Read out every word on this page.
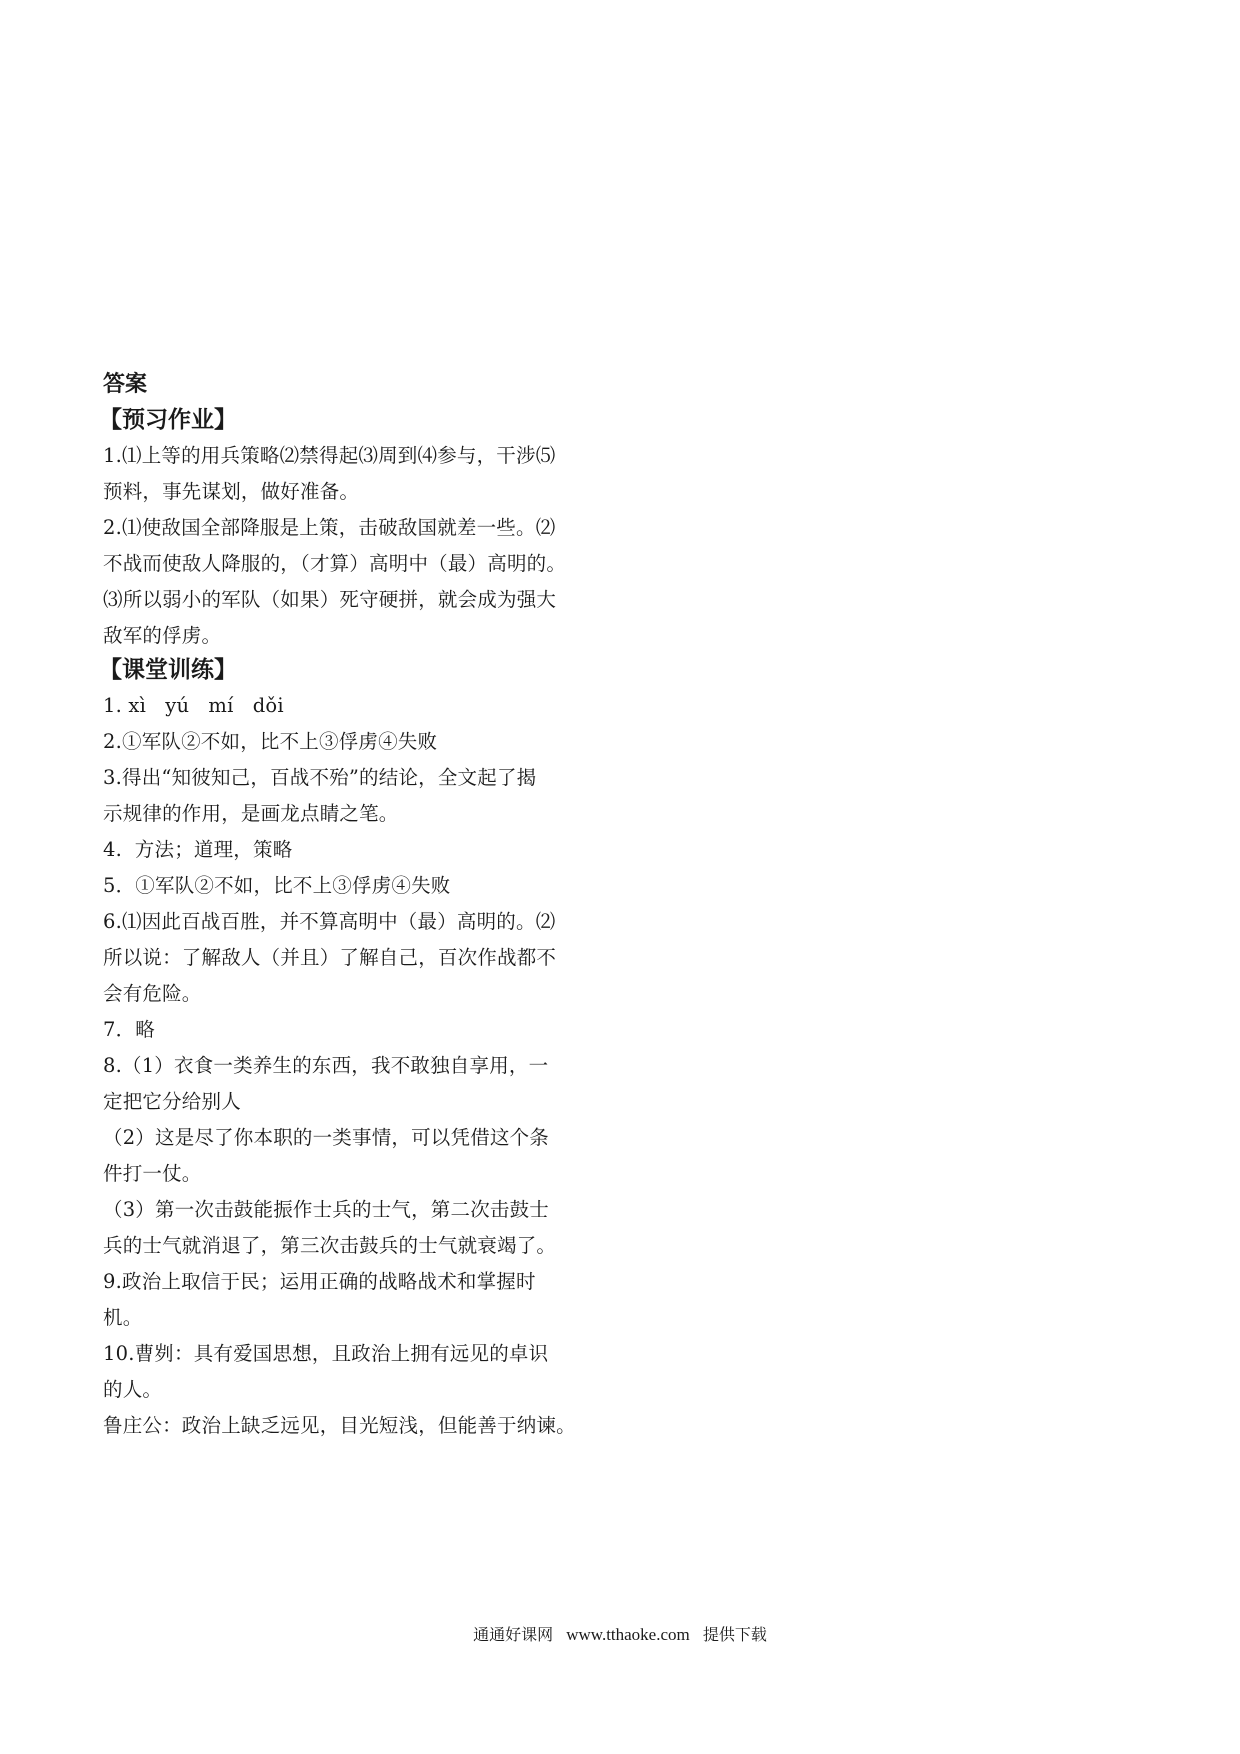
答案
【预习作业】
1.⑴上等的用兵策略⑵禁得起⑶周到⑷参与，干涉⑸
预料，事先谋划，做好准备。
2.⑴使敌国全部降服是上策，击破敌国就差一些。⑵
不战而使敌人降服的，（才算）高明中（最）高明的。
⑶所以弱小的军队（如果）死守硬拼，就会成为强大
敌军的俘虏。
【课堂训练】
1. xì   yú   mí   dǒi
2.①军队②不如，比不上③俘虏④失败
3.得出“知彼知己，百战不殆”的结论，全文起了揭
示规律的作用，是画龙点睛之笔。
4.  方法；道理，策略
5．①军队②不如，比不上③俘虏④失败
6.⑴因此百战百胜，并不算高明中（最）高明的。⑵
所以说：了解敌人（并且）了解自己，百次作战都不
会有危险。
7．略
8.（1）衣食一类养生的东西，我不敢独自享用，一
定把它分给别人
（2）这是尽了你本职的一类事情，可以凭借这个条
件打一仗。
（3）第一次击鼓能振作士兵的士气，第二次击鼓士
兵的士气就消退了，第三次击鼓兵的士气就衰竭了。
9.政治上取信于民；运用正确的战略战术和掌握时
机。
10.曹刿：具有爱国思想，且政治上拥有远见的卓识
的人。
鲁庄公：政治上缺乏远见，目光短浅，但能善于纳谏。
通通好课网 www.tthaoke.com 提供下载
